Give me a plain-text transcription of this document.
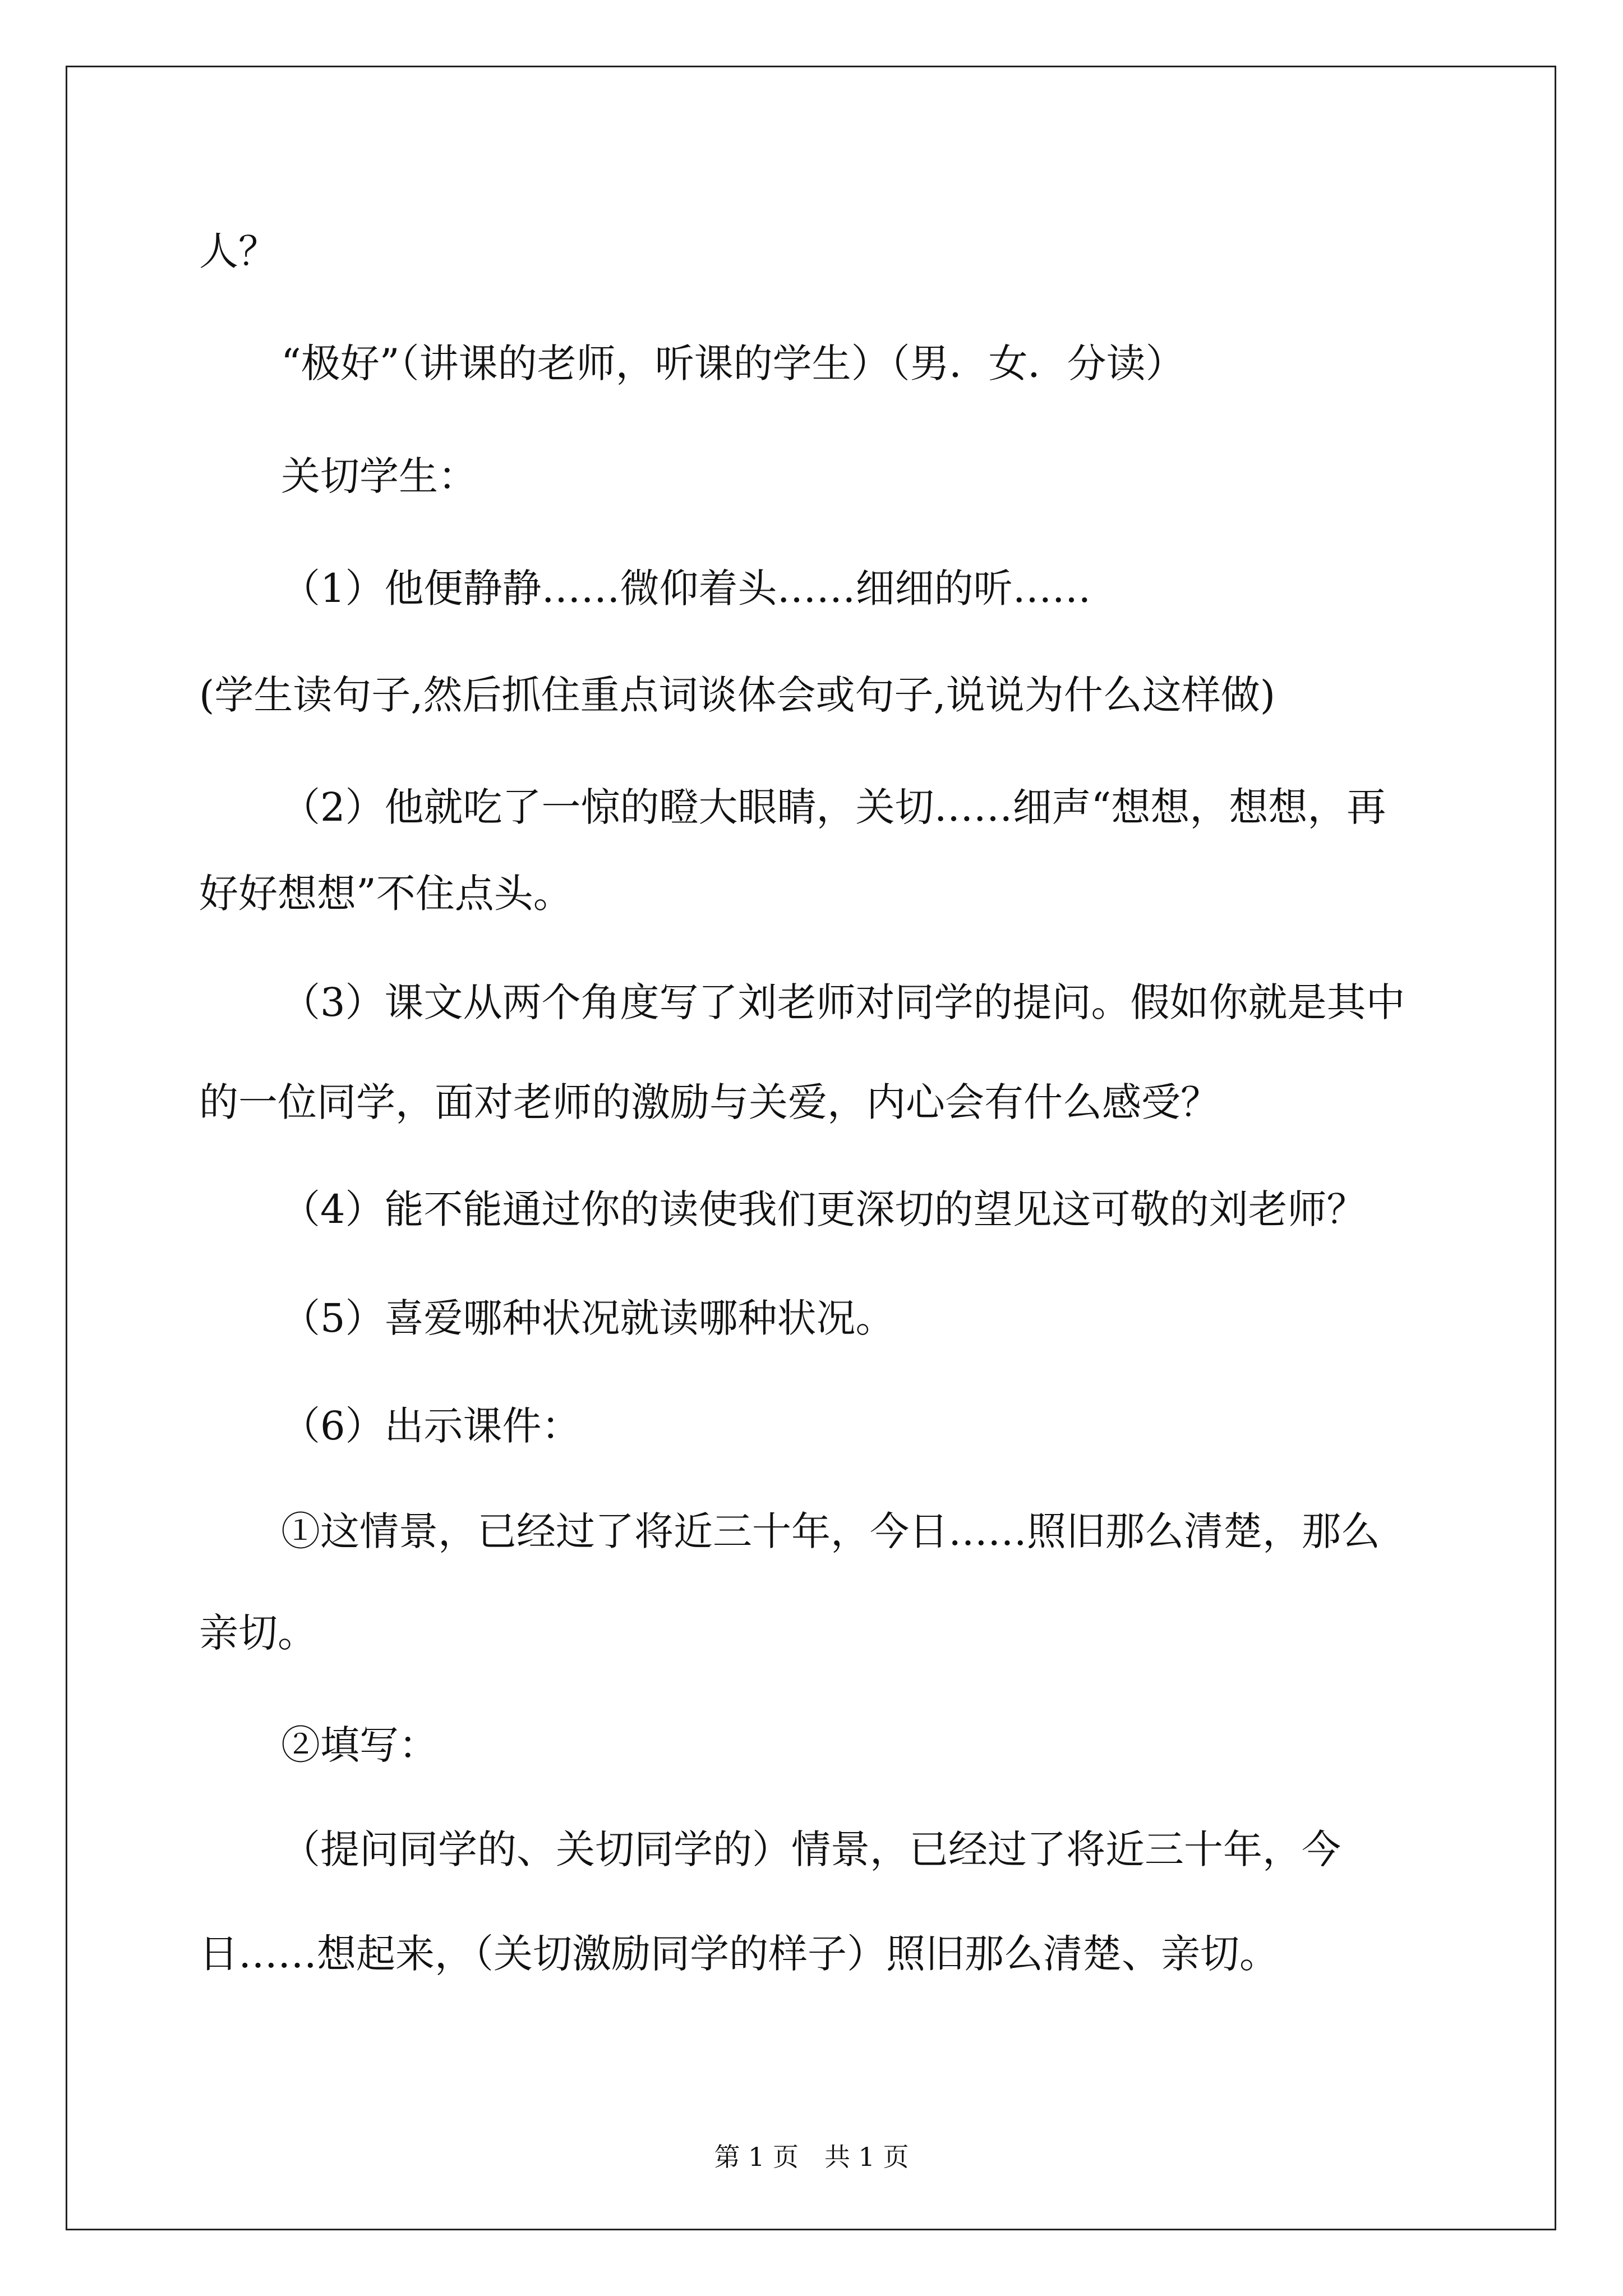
人？
“极好”（讲课的老师，听课的学生）（男．女．分读）
关切学生：
（1）他便静静……微仰着头……细细的听……
(学生读句子,然后抓住重点词谈体会或句子,说说为什么这样做)
（2）他就吃了一惊的瞪大眼睛，关切……细声“想想，想想，再
好好想想”不住点头。
（3）课文从两个角度写了刘老师对同学的提问。假如你就是其中
的一位同学，面对老师的激励与关爱，内心会有什么感受？
（4）能不能通过你的读使我们更深切的望见这可敬的刘老师？
（5）喜爱哪种状况就读哪种状况。
（6）出示课件：
①这情景，已经过了将近三十年，今日……照旧那么清楚，那么
亲切。
②填写：
（提问同学的、关切同学的）情景，已经过了将近三十年，今
日……想起来，（关切激励同学的样子）照旧那么清楚、亲切。
第 1 页　共 1 页
